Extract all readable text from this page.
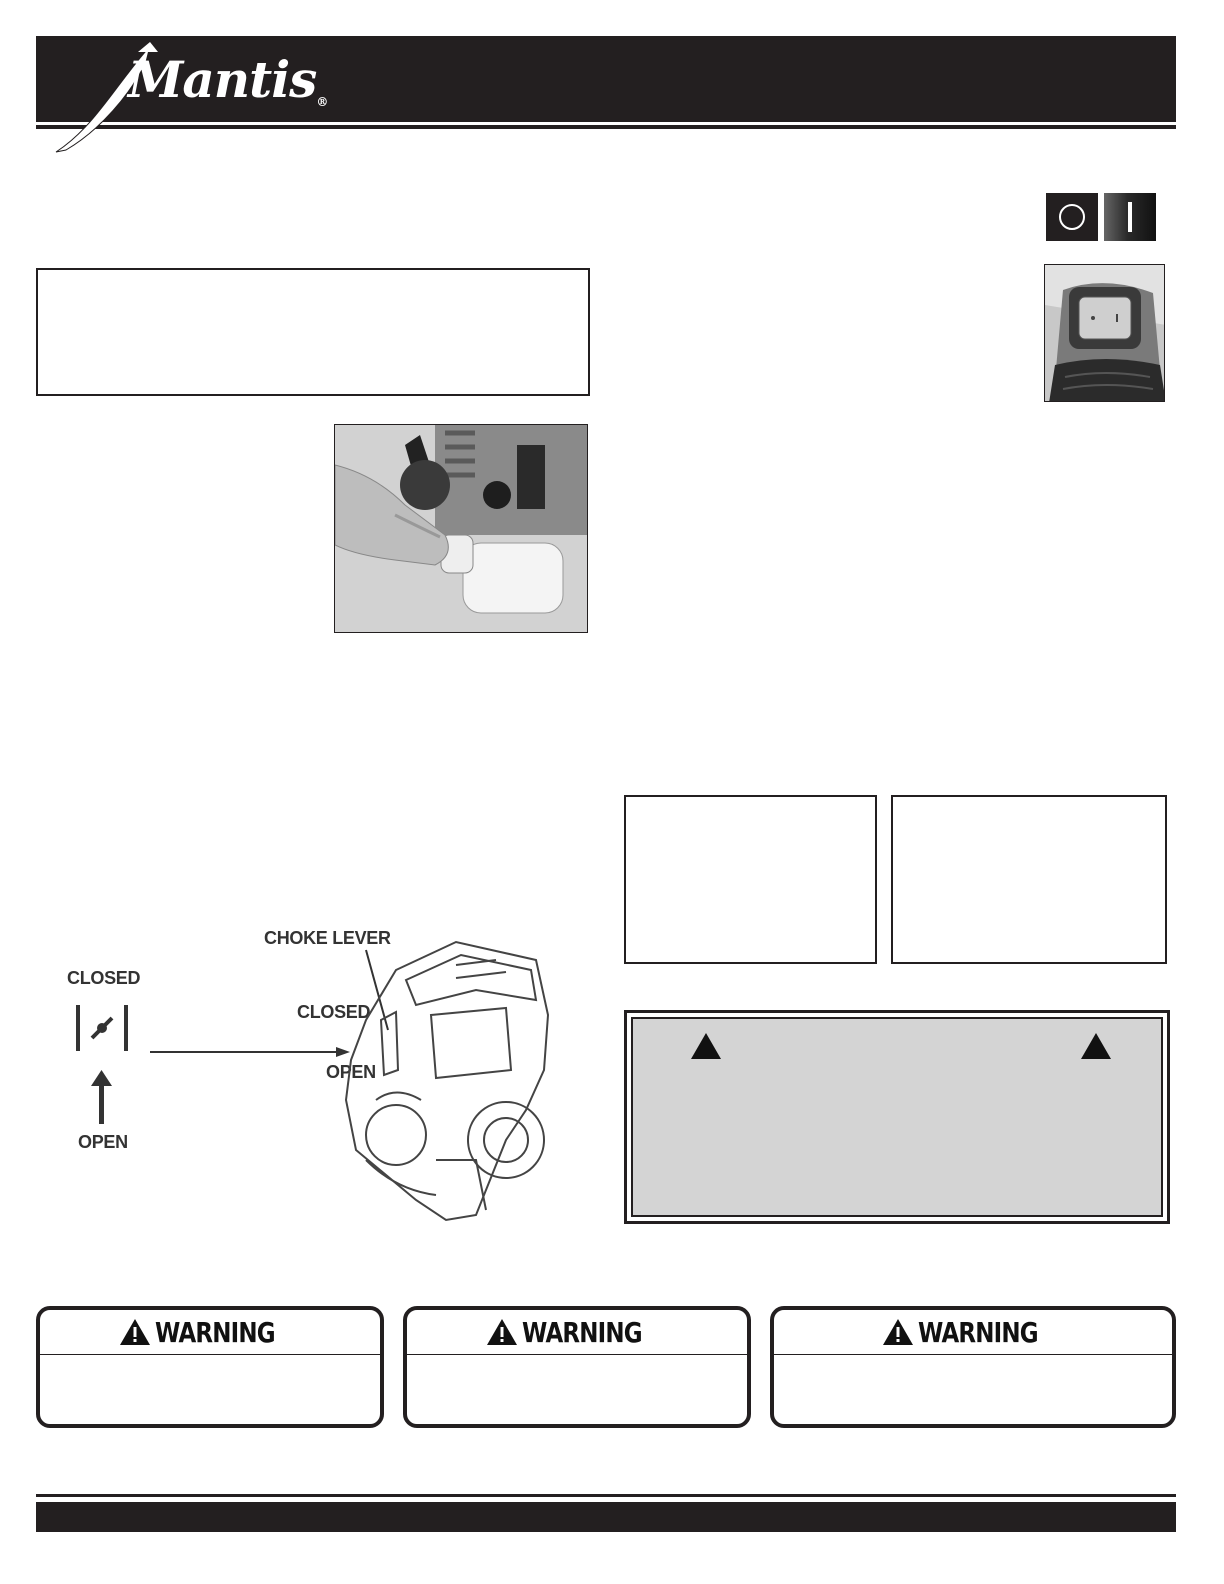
Mantis®
CHOKE LEVER
CLOSED
OPEN
CLOSED
OPEN
WARNING	WARNING	WARNING
